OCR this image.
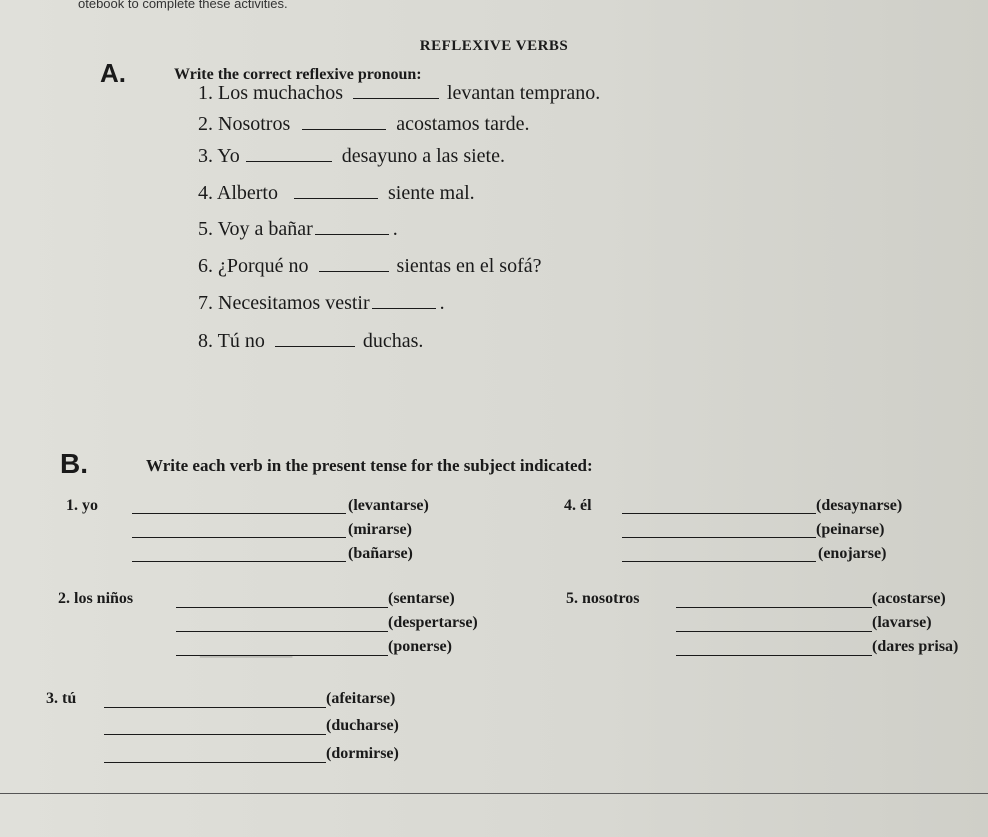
otebook to complete these activities.
REFLEXIVE VERBS
▁▁▁▁▁▁▁▁
A.	Write the correct reflexive pronoun:
1. Los muchachos	levantan temprano.
2. Nosotros	acostamos tarde.
3. Yo	desayuno a las siete.
4. Alberto	siente mal.
5. Voy a bañar	.
6. ¿Porqué no	sientas en el sofá?
7. Necesitamos vestir	.
8. Tú no	duchas.
B.	Write each verb in the present tense for the subject indicated:
1. yo	(levantarse)
(mirarse)
(bañarse)
4. él	(desaynarse)
(peinarse)
(enojarse)
2. los niños	(sentarse)
(despertarse)
(ponerse)
5. nosotros	(acostarse)
(lavarse)
(dares prisa)
3. tú	(afeitarse)
(ducharse)
(dormirse)
